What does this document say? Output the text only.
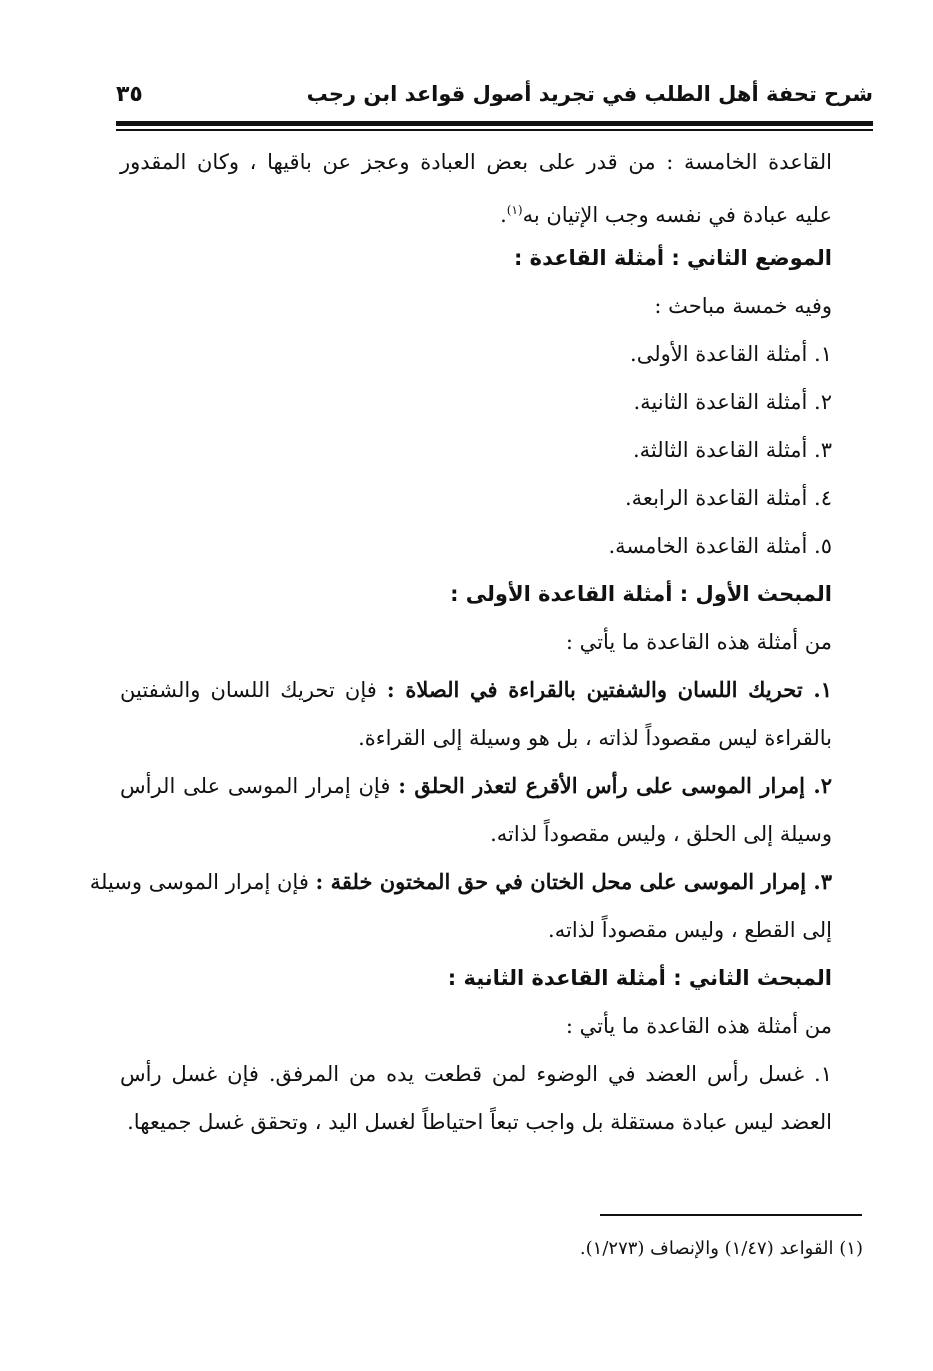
شرح تحفة أهل الطلب في تجريد أصول قواعد ابن رجب
٣٥
القاعدة الخامسة : من قدر على بعض العبادة وعجز عن باقيها ، وكان المقدور
عليه عبادة في نفسه وجب الإتيان به$^{(١)}$.
الموضع الثاني : أمثلة القاعدة :
وفيه خمسة مباحث :
١. أمثلة القاعدة الأولى.
٢. أمثلة القاعدة الثانية.
٣. أمثلة القاعدة الثالثة.
٤. أمثلة القاعدة الرابعة.
٥. أمثلة القاعدة الخامسة.
المبحث الأول : أمثلة القاعدة الأولى :
من أمثلة هذه القاعدة ما يأتي :
١. تحريك اللسان والشفتين بالقراءة في الصلاة : فإن تحريك اللسان والشفتين
بالقراءة ليس مقصوداً لذاته ، بل هو وسيلة إلى القراءة.
٢. إمرار الموسى على رأس الأقرع لتعذر الحلق : فإن إمرار الموسى على الرأس
وسيلة إلى الحلق ، وليس مقصوداً لذاته.
٣. إمرار الموسى على محل الختان في حق المختون خلقة : فإن إمرار الموسى وسيلة
إلى القطع ، وليس مقصوداً لذاته.
المبحث الثاني : أمثلة القاعدة الثانية :
من أمثلة هذه القاعدة ما يأتي :
١. غسل رأس العضد في الوضوء لمن قطعت يده من المرفق. فإن غسل رأس
العضد ليس عبادة مستقلة بل واجب تبعاً احتياطاً لغسل اليد ، وتحقق غسل جميعها.
(١) القواعد (١/٤٧) والإنصاف (١/٢٧٣).
